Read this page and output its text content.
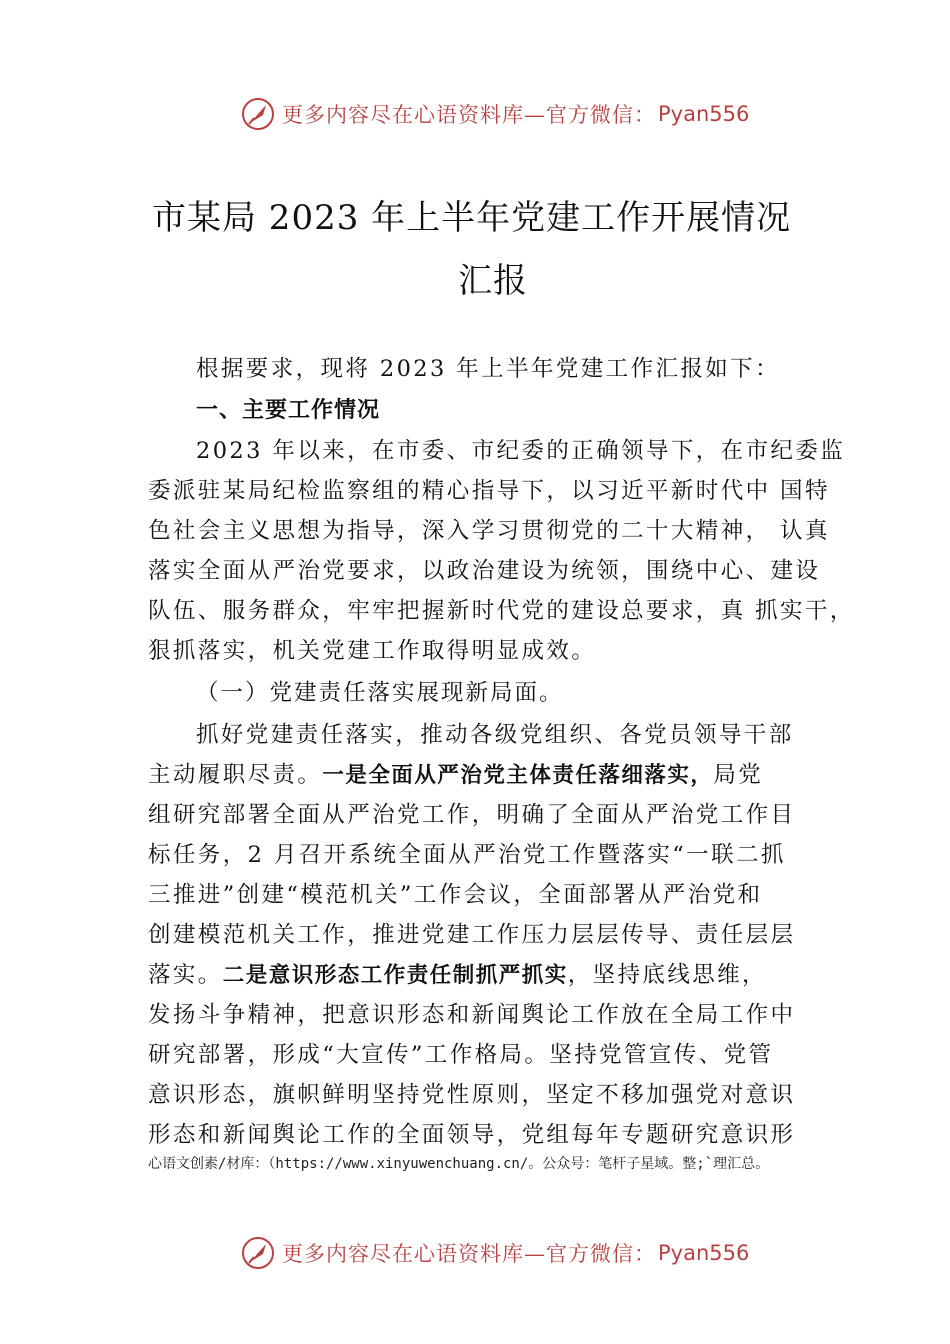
更多内容尽在心语资料库—官方微信： Pyan556
市某局 2023 年上半年党建工作开展情况
汇报
根据要求，现将 2023 年上半年党建工作汇报如下：
一、主要工作情况
2023 年以来，在市委、市纪委的正确领导下，在市纪委监
委派驻某局纪检监察组的精心指导下，以习近平新时代中 国特
色社会主义思想为指导，深入学习贯彻党的二十大精神， 认真
落实全面从严治党要求，以政治建设为统领，围绕中心、建设
队伍、服务群众，牢牢把握新时代党的建设总要求，真 抓实干，
狠抓落实，机关党建工作取得明显成效。
（一）党建责任落实展现新局面。
抓好党建责任落实，推动各级党组织、各党员领导干部
主动履职尽责。一是全面从严治党主体责任落细落实，局党
组研究部署全面从严治党工作，明确了全面从严治党工作目
标任务，2 月召开系统全面从严治党工作暨落实“一联二抓
三推进”创建“模范机关”工作会议，全面部署从严治党和
创建模范机关工作，推进党建工作压力层层传导、责任层层
落实。二是意识形态工作责任制抓严抓实，坚持底线思维，
发扬斗争精神，把意识形态和新闻舆论工作放在全局工作中
研究部署，形成“大宣传”工作格局。坚持党管宣传、党管
意识形态，旗帜鲜明坚持党性原则，坚定不移加强党对意识
形态和新闻舆论工作的全面领导，党组每年专题研究意识形
心语文创素/材库：（https://www.xinyuwenchuang.cn/。公众号：笔杆子星域。整;`理汇总。
更多内容尽在心语资料库—官方微信： Pyan556
